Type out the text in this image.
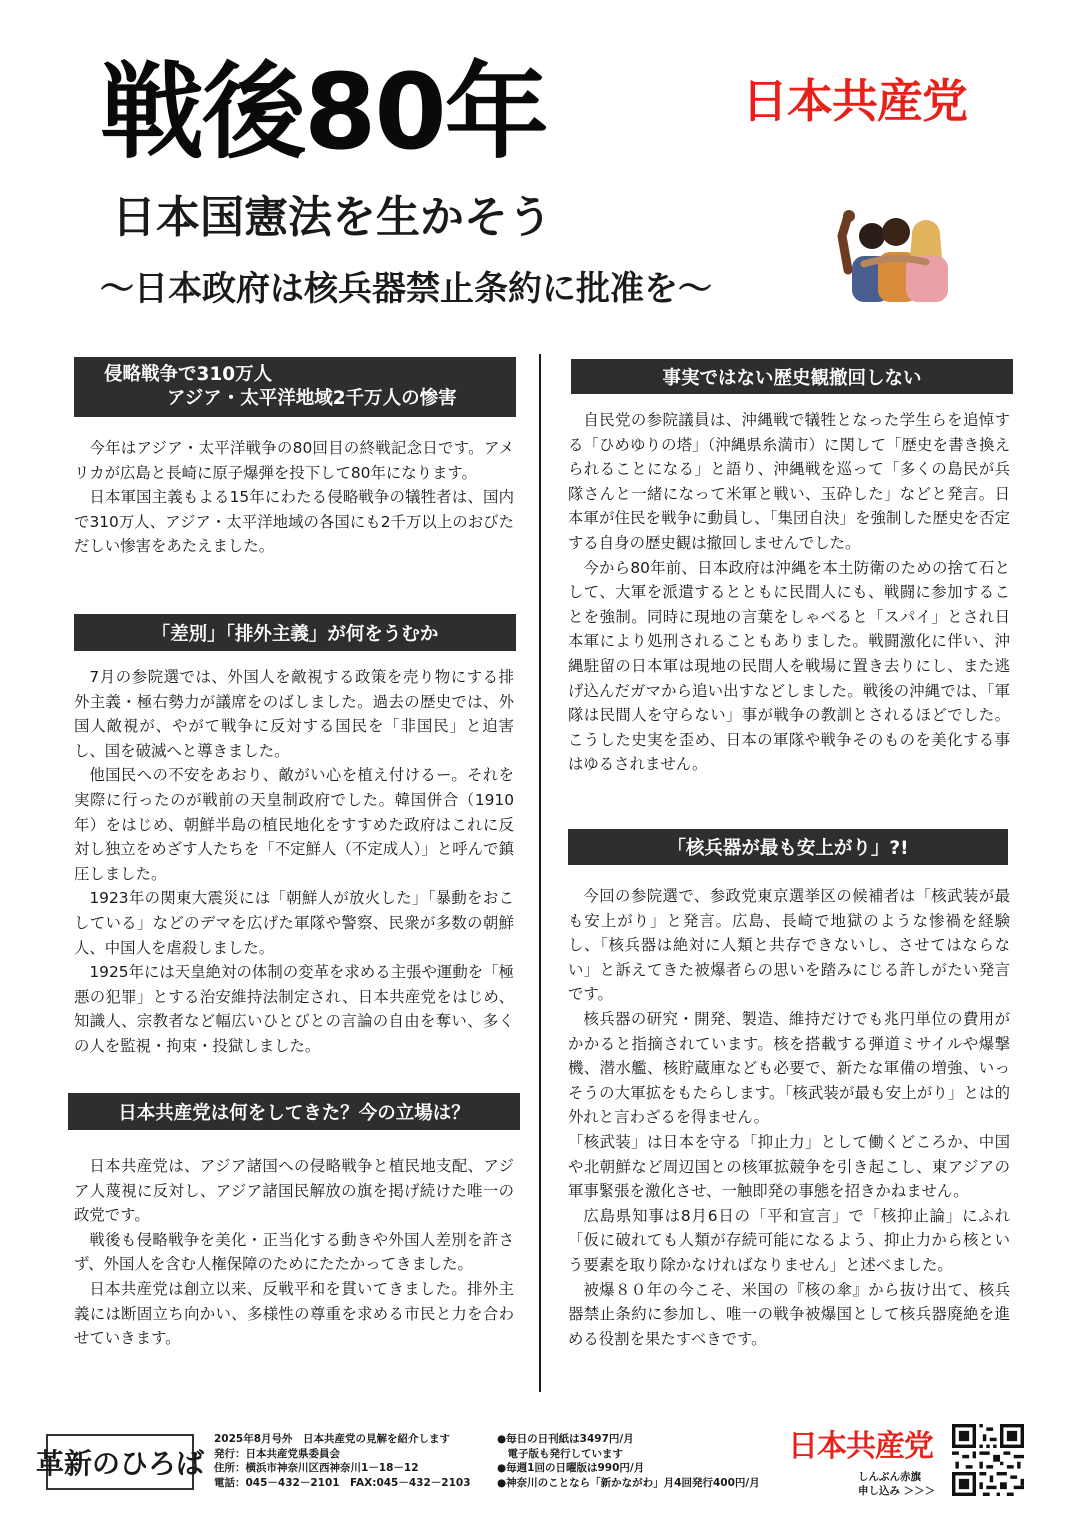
戦後80年
日本国憲法を生かそう
～日本政府は核兵器禁止条約に批准を～
日本共産党
侵略戦争で310万人
アジア・太平洋地域2千万人の惨害

今年はアジア・太平洋戦争の80回目の終戦記念日です。アメリカが広島と長崎に原子爆弾を投下して80年になります。

日本軍国主義もよる15年にわたる侵略戦争の犠牲者は、国内で310万人、アジア・太平洋地域の各国にも2千万以上のおびただしい惨害をあたえました。

「差別」「排外主義」が何をうむか

7月の参院選では、外国人を敵視する政策を売り物にする排外主義・極右勢力が議席をのばしました。過去の歴史では、外国人敵視が、やがて戦争に反対する国民を「非国民」と迫害し、国を破滅へと導きました。

他国民への不安をあおり、敵がい心を植え付けるー。それを実際に行ったのが戦前の天皇制政府でした。韓国併合（1910年）をはじめ、朝鮮半島の植民地化をすすめた政府はこれに反対し独立をめざす人たちを「不定鮮人（不定成人）」と呼んで鎮圧しました。

1923年の関東大震災には「朝鮮人が放火した」「暴動をおこしている」などのデマを広げた軍隊や警察、民衆が多数の朝鮮人、中国人を虐殺しました。

1925年には天皇絶対の体制の変革を求める主張や運動を「極悪の犯罪」とする治安維持法制定され、日本共産党をはじめ、知識人、宗教者など幅広いひとびとの言論の自由を奪い、多くの人を監視・拘束・投獄しました。

日本共産党は何をしてきた？今の立場は？

日本共産党は、アジア諸国への侵略戦争と植民地支配、アジア人蔑視に反対し、アジア諸国民解放の旗を掲げ続けた唯一の政党です。

戦後も侵略戦争を美化・正当化する動きや外国人差別を許さず、外国人を含む人権保障のためにたたかってきました。

日本共産党は創立以来、反戦平和を貫いてきました。排外主義には断固立ち向かい、多様性の尊重を求める市民と力を合わせていきます。

事実ではない歴史観撤回しない

自民党の参院議員は、沖縄戦で犠牲となった学生らを追悼する「ひめゆりの塔」（沖縄県糸満市）に関して「歴史を書き換えられることになる」と語り、沖縄戦を巡って「多くの島民が兵隊さんと一緒になって米軍と戦い、玉砕した」などと発言。日本軍が住民を戦争に動員し、「集団自決」を強制した歴史を否定する自身の歴史観は撤回しませんでした。

今から80年前、日本政府は沖縄を本土防衛のための捨て石として、大軍を派遣するとともに民間人にも、戦闘に参加することを強制。同時に現地の言葉をしゃべると「スパイ」とされ日本軍により処刑されることもありました。戦闘激化に伴い、沖縄駐留の日本軍は現地の民間人を戦場に置き去りにし、また逃げ込んだガマから追い出すなどしました。戦後の沖縄では、「軍隊は民間人を守らない」事が戦争の教訓とされるほどでした。こうした史実を歪め、日本の軍隊や戦争そのものを美化する事はゆるされません。

「核兵器が最も安上がり」?!

今回の参院選で、参政党東京選挙区の候補者は「核武装が最も安上がり」と発言。広島、長崎で地獄のような惨禍を経験し、「核兵器は絶対に人類と共存できないし、させてはならない」と訴えてきた被爆者らの思いを踏みにじる許しがたい発言です。

核兵器の研究・開発、製造、維持だけでも兆円単位の費用がかかると指摘されています。核を搭載する弾道ミサイルや爆撃機、潜水艦、核貯蔵庫なども必要で、新たな軍備の増強、いっそうの大軍拡をもたらします。「核武装が最も安上がり」とは的外れと言わざるを得ません。

「核武装」は日本を守る「抑止力」として働くどころか、中国や北朝鮮など周辺国との核軍拡競争を引き起こし、東アジアの軍事緊張を激化させ、一触即発の事態を招きかねません。

広島県知事は8月6日の「平和宣言」で「核抑止論」にふれ「仮に破れても人類が存続可能になるよう、抑止力から核という要素を取り除かなければなりません」と述べました。

被爆８０年の今こそ、米国の『核の傘』から抜け出て、核兵器禁止条約に参加し、唯一の戦争被爆国として核兵器廃絶を進める役割を果たすべきです。

革新のひろば
2025年8月号外　日本共産党の見解を紹介します
発行：日本共産党県委員会
住所：横浜市神奈川区西神奈川1－18－12
電話：045－432－2101　FAX:045－432－2103
●毎日の日刊紙は3497円/月
　電子版も発行しています
●毎週1回の日曜版は990円/月
●神奈川のことなら「新かながわ」月4回発行400円/月
日本共産党
しんぶん赤旗
申し込み ＞＞＞
